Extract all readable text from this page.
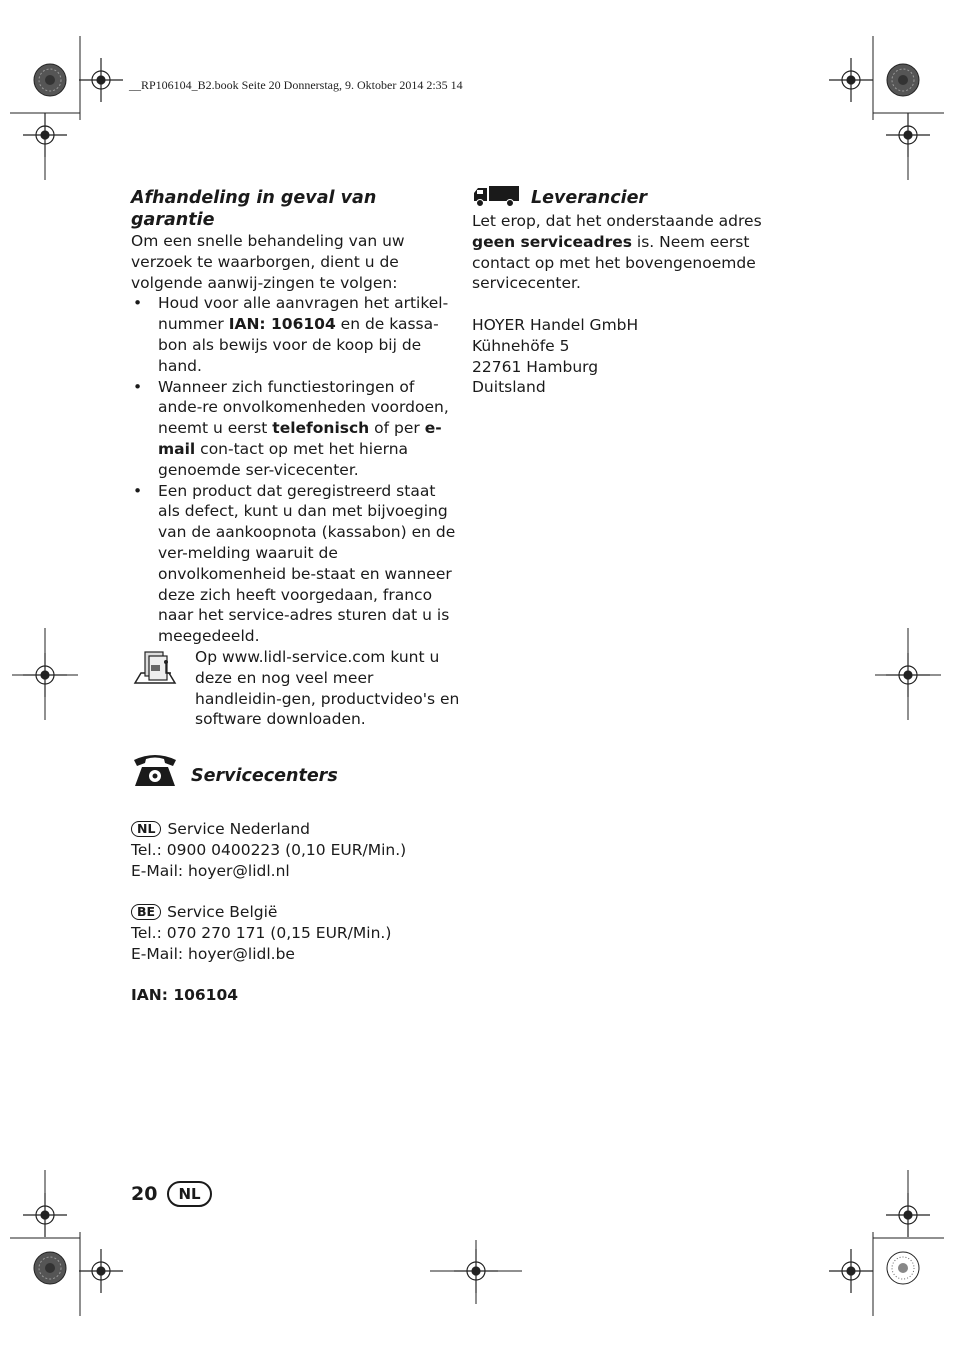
__RP106104_B2.book Seite 20 Donnerstag, 9. Oktober 2014 2:35 14

Afhandeling in geval van garantie

Om een snelle behandeling van uw verzoek te waarborgen, dient u de volgende aanwij-zingen te volgen:

• Houd voor alle aanvragen het artikel-nummer IAN: 106104 en de kassa-bon als bewijs voor de koop bij de hand.
• Wanneer zich functiestoringen of ande-re onvolkomenheden voordoen, neemt u eerst telefonisch of per e-mail con-tact op met het hierna genoemde ser-vicecenter.
• Een product dat geregistreerd staat als defect, kunt u dan met bijvoeging van de aankoopnota (kassabon) en de ver-melding waaruit de onvolkomenheid be-staat en wanneer deze zich heeft voorgedaan, franco naar het service-adres sturen dat u is meegedeeld.
Op www.lidl-service.com kunt u deze en nog veel meer handleidin-gen, productvideo's en software downloaden.

Servicecenters

NL Service Nederland

Tel.: 0900 0400223 (0,10 EUR/Min.)

E-Mail: hoyer@lidl.nl

BE Service België

Tel.: 070 270 171 (0,15 EUR/Min.)

E-Mail: hoyer@lidl.be

IAN: 106104

Leverancier

Let erop, dat het onderstaande adres geen serviceadres is. Neem eerst contact op met het bovengenoemde servicecenter.

HOYER Handel GmbH

Kühnehöfe 5

22761 Hamburg

Duitsland

20	NL
